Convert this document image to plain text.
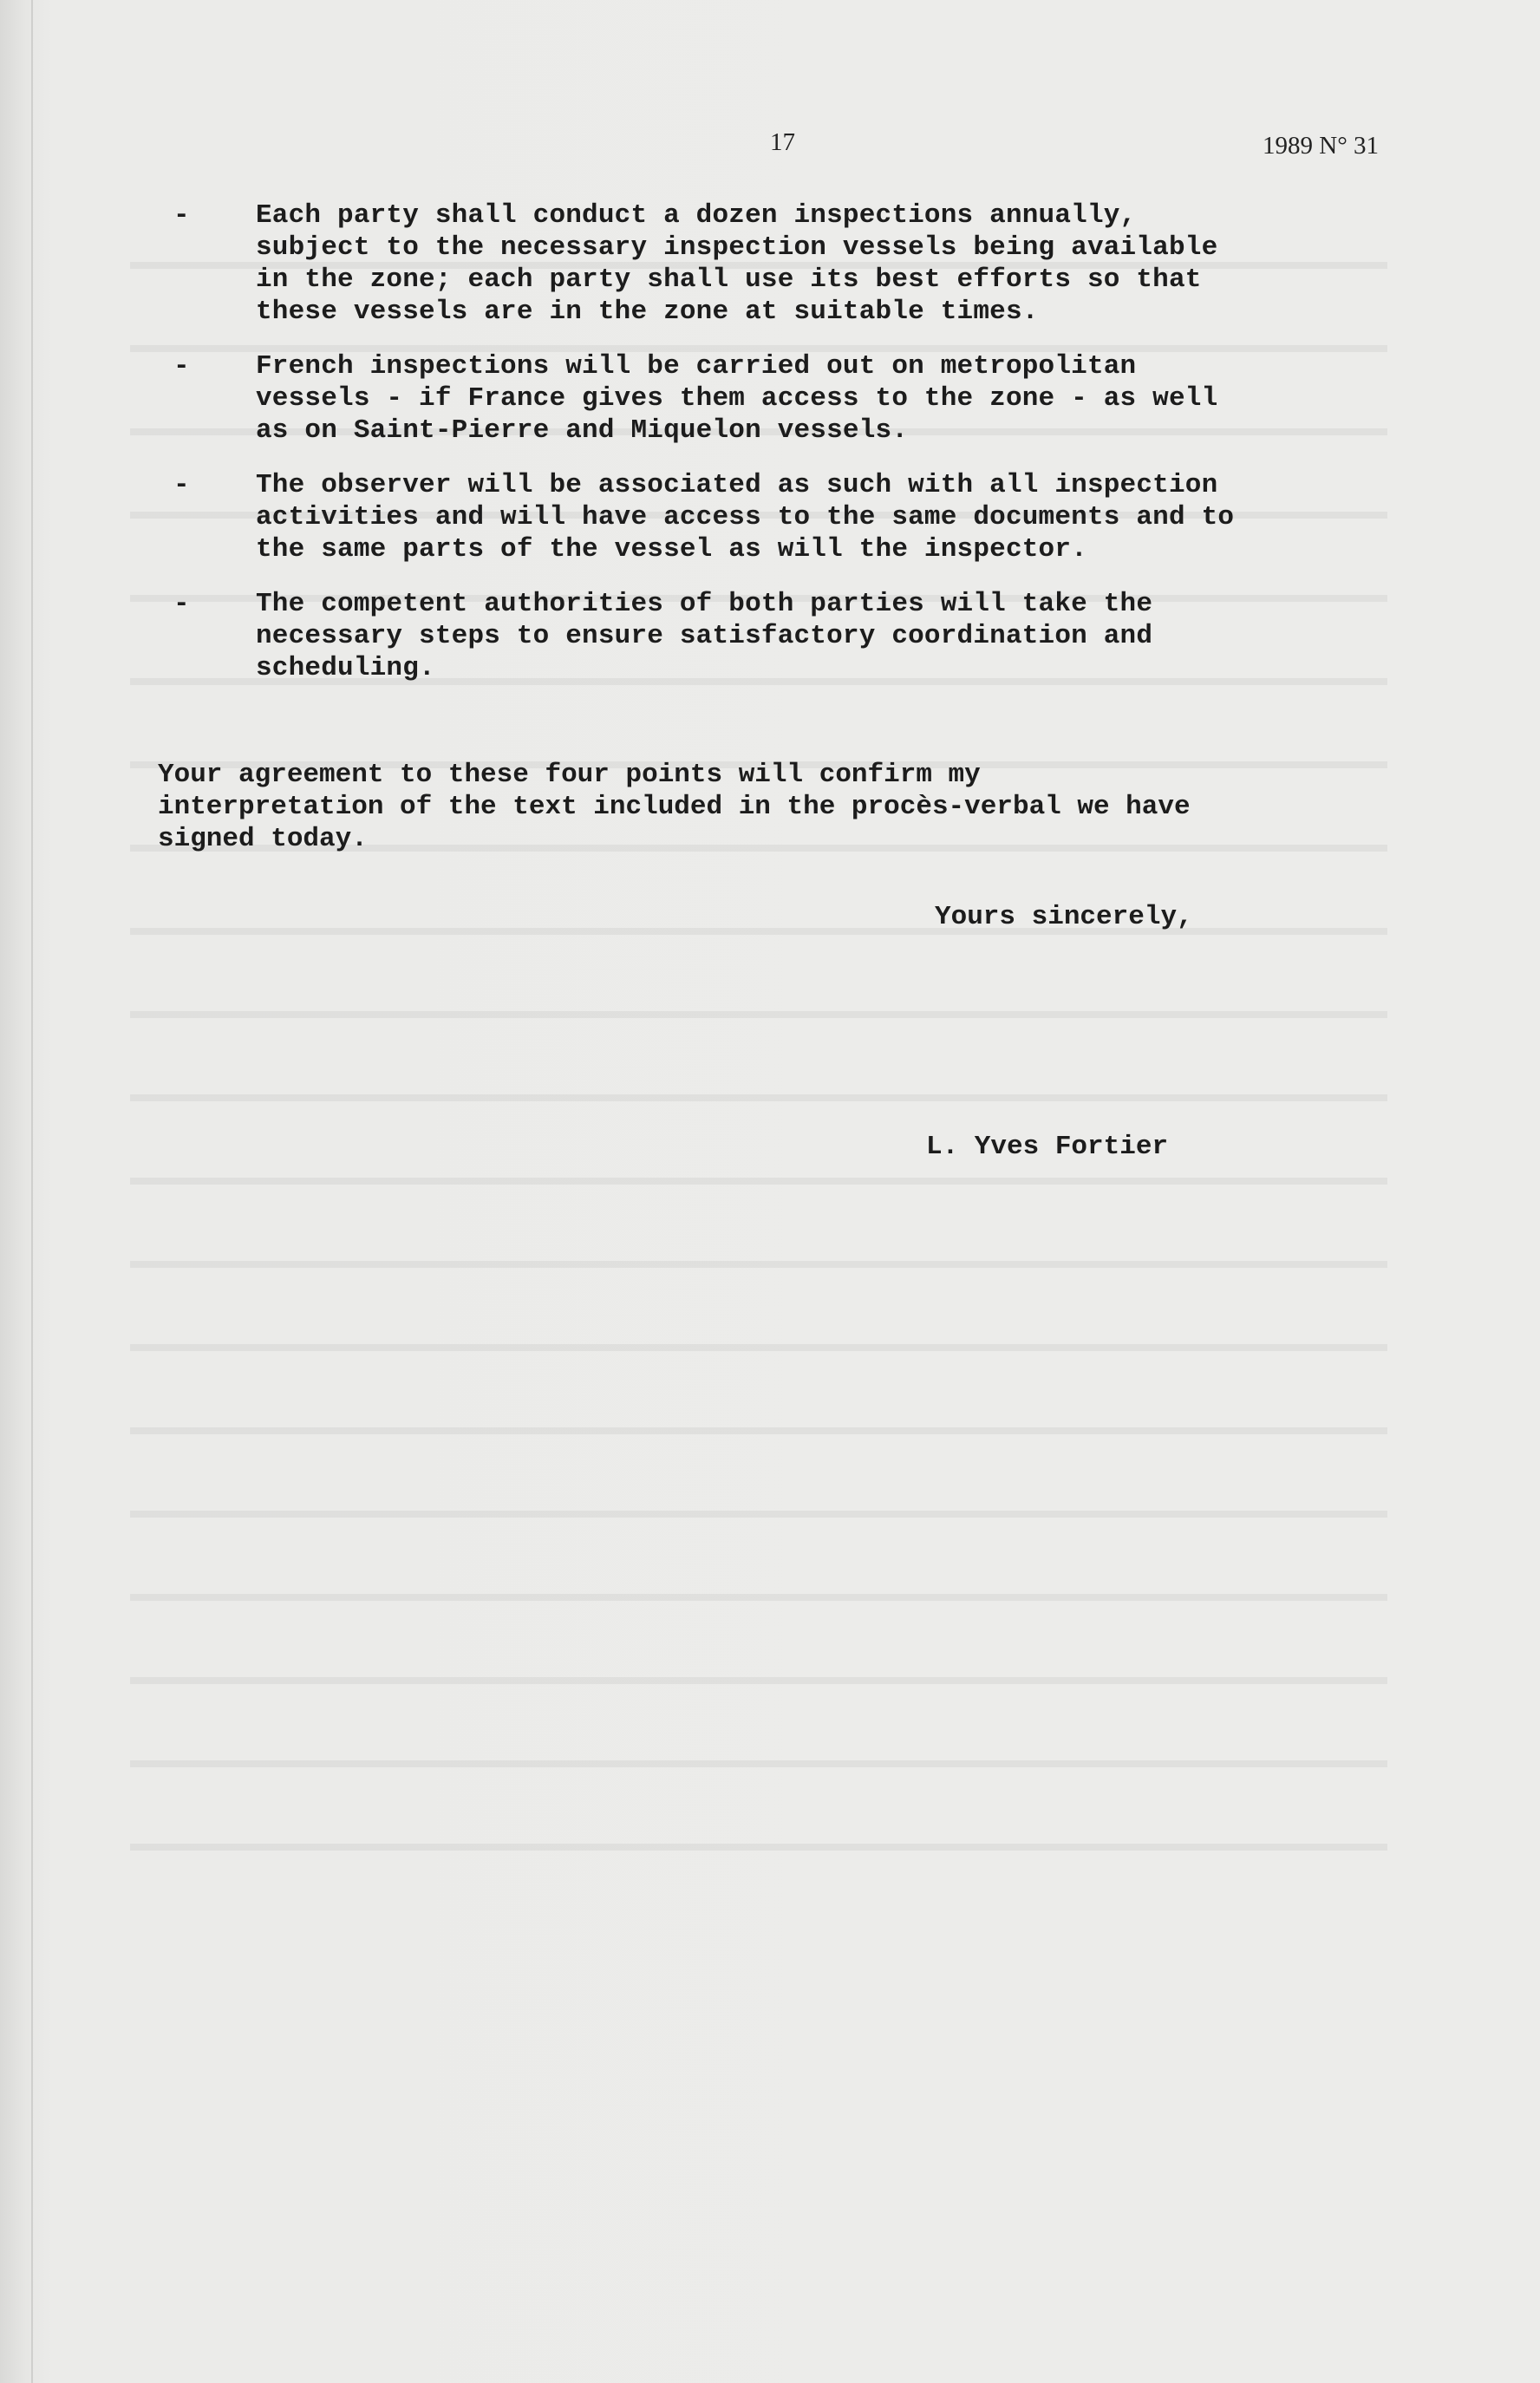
17	1989 N° 31
- Each party shall conduct a dozen inspections annually,
subject to the necessary inspection vessels being available
in the zone; each party shall use its best efforts so that
these vessels are in the zone at suitable times.
- French inspections will be carried out on metropolitan
vessels - if France gives them access to the zone - as well
as on Saint-Pierre and Miquelon vessels.
- The observer will be associated as such with all inspection
activities and will have access to the same documents and to
the same parts of the vessel as will the inspector.
- The competent authorities of both parties will take the
necessary steps to ensure satisfactory coordination and
scheduling.
Your agreement to these four points will confirm my
interpretation of the text included in the procès-verbal we have
signed today.
Yours sincerely,
L. Yves Fortier
